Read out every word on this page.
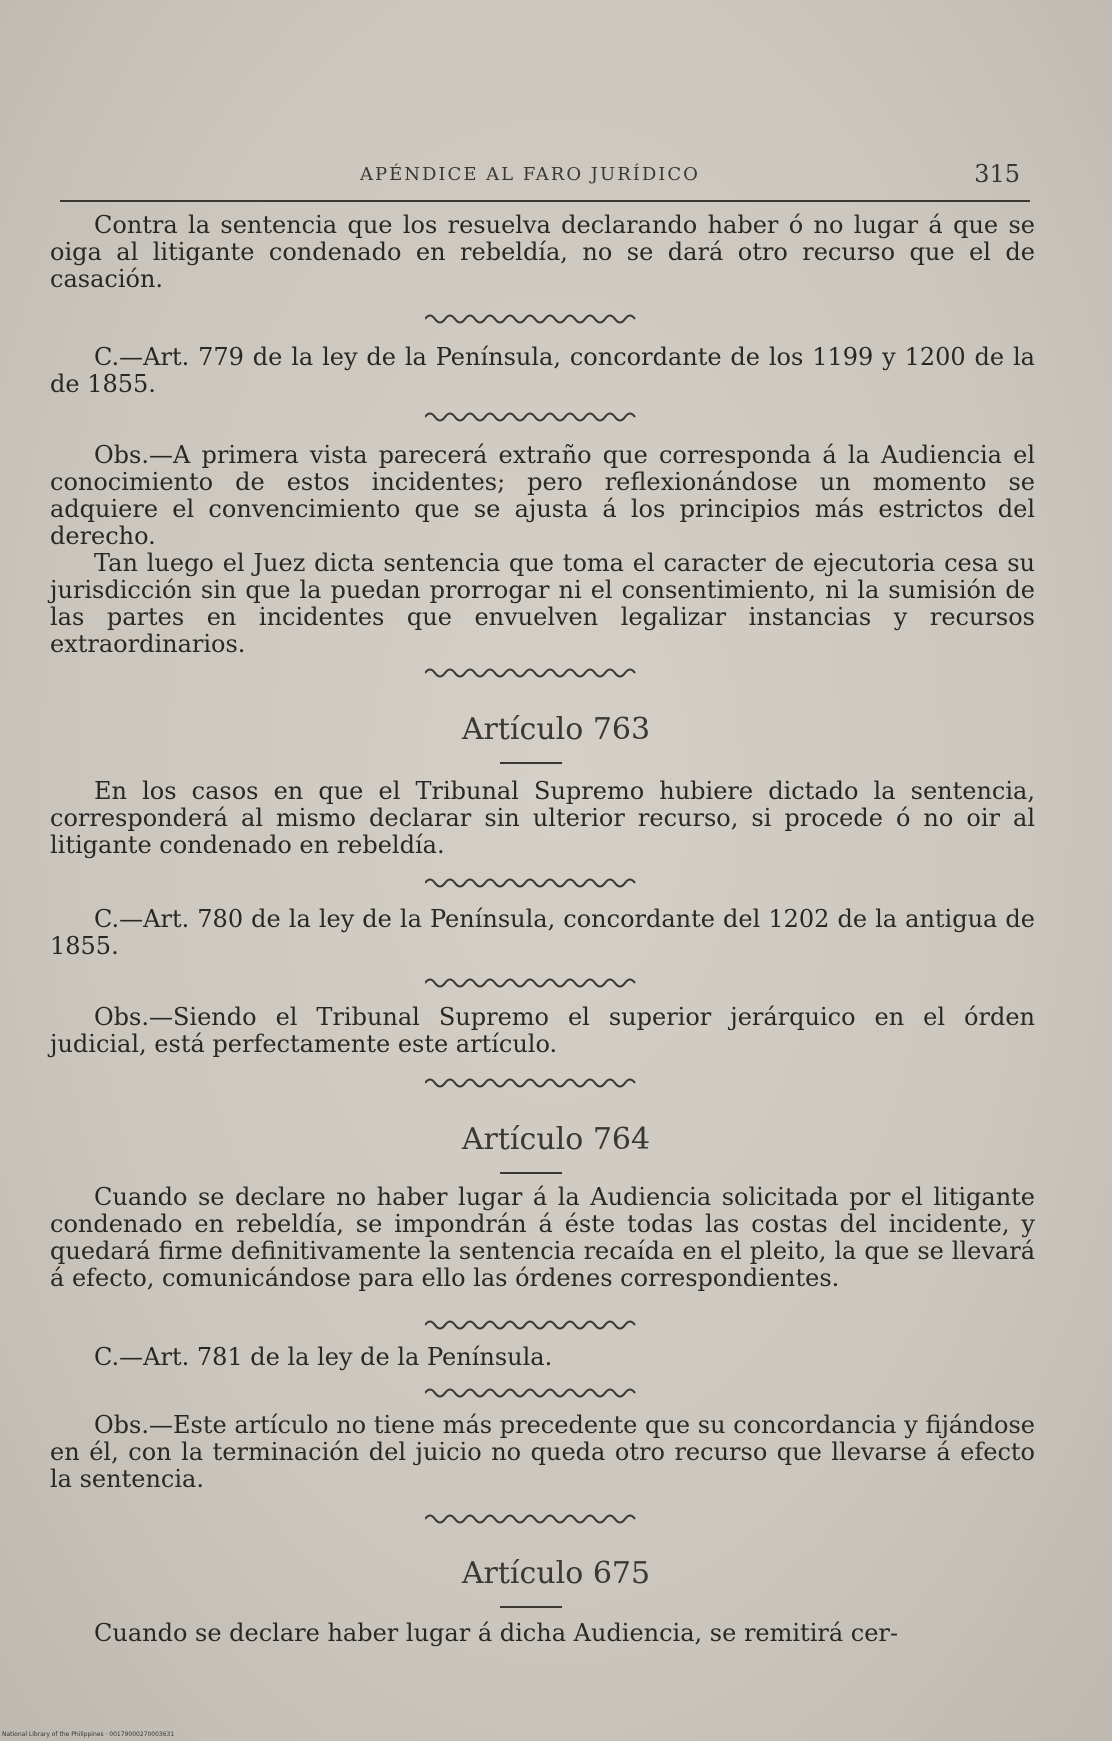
APÉNDICE AL FARO JURÍDICO	315

Contra la sentencia que los resuelva declarando haber ó no lugar á que se oiga al litigante condenado en rebeldía, no se dará otro recurso que el de casación.

C.—Art. 779 de la ley de la Península, concordante de los 1199 y 1200 de la de 1855.

Obs.—A primera vista parecerá extraño que corresponda á la Audiencia el conocimiento de estos incidentes; pero reflexionándose un momento se adquiere el convencimiento que se ajusta á los principios más estrictos del derecho.

Tan luego el Juez dicta sentencia que toma el caracter de ejecutoria cesa su jurisdicción sin que la puedan prorrogar ni el consentimiento, ni la sumisión de las partes en incidentes que envuelven legalizar instancias y recursos extraordinarios.

Artículo 763

En los casos en que el Tribunal Supremo hubiere dictado la sentencia, corresponderá al mismo declarar sin ulterior recurso, si procede ó no oir al litigante condenado en rebeldía.

C.—Art. 780 de la ley de la Península, concordante del 1202 de la antigua de 1855.

Obs.—Siendo el Tribunal Supremo el superior jerárquico en el órden judicial, está perfectamente este artículo.

Artículo 764

Cuando se declare no haber lugar á la Audiencia solicitada por el litigante condenado en rebeldía, se impondrán á éste todas las costas del incidente, y quedará firme definitivamente la sentencia recaída en el pleito, la que se llevará á efecto, comunicándose para ello las órdenes correspondientes.

C.—Art. 781 de la ley de la Península.

Obs.—Este artículo no tiene más precedente que su concordancia y fijándose en él, con la terminación del juicio no queda otro recurso que llevarse á efecto la sentencia.

Artículo 675

Cuando se declare haber lugar á dicha Audiencia, se remitirá cer-

National Library of the Philippines · 00179000270003631
